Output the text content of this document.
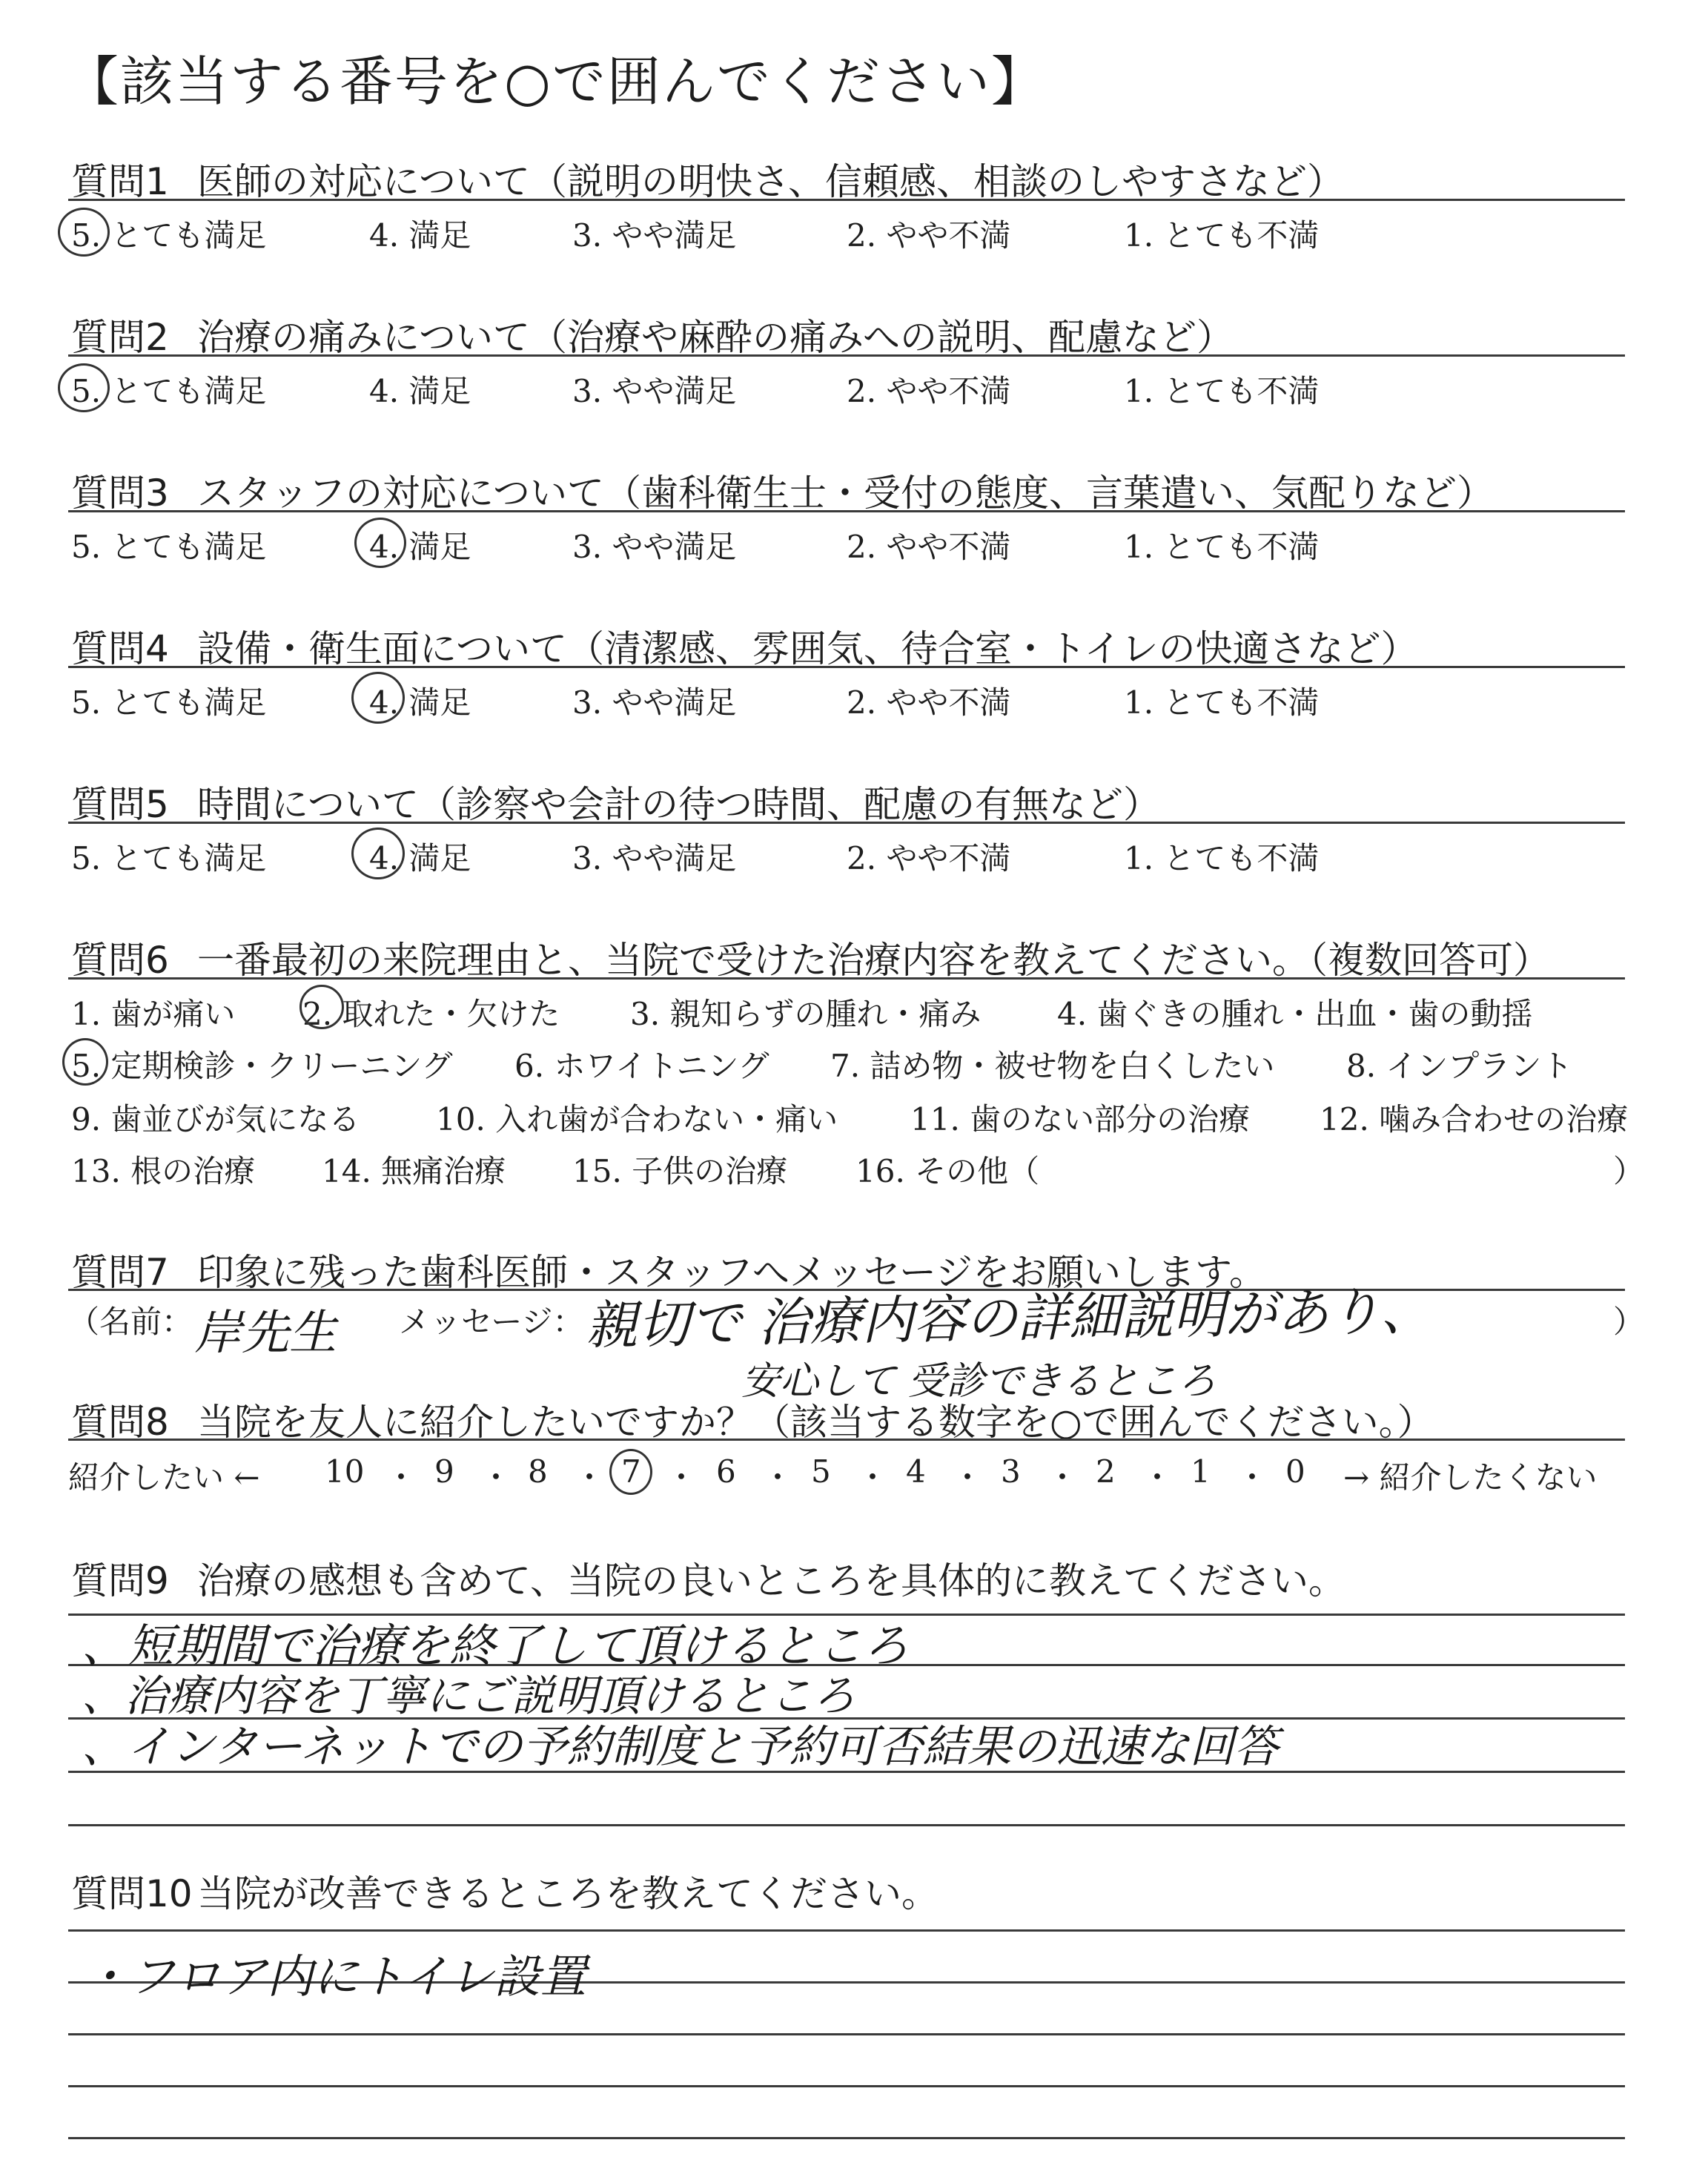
【該当する番号を○で囲んでください】
質問1 医師の対応について（説明の明快さ、信頼感、相談のしやすさなど）
5. とても満足	4. 満足	3. やや満足	2. やや不満	1. とても不満
質問2 治療の痛みについて（治療や麻酔の痛みへの説明、配慮など）
5. とても満足	4. 満足	3. やや満足	2. やや不満	1. とても不満
質問3 スタッフの対応について（歯科衛生士・受付の態度、言葉遣い、気配りなど）
5. とても満足	4. 満足	3. やや満足	2. やや不満	1. とても不満
質問4 設備・衛生面について（清潔感、雰囲気、待合室・トイレの快適さなど）
5. とても満足	4. 満足	3. やや満足	2. やや不満	1. とても不満
質問5 時間について（診察や会計の待つ時間、配慮の有無など）
5. とても満足	4. 満足	3. やや満足	2. やや不満	1. とても不満
質問6 一番最初の来院理由と、当院で受けた治療内容を教えてください。（複数回答可）
1. 歯が痛い 2. 取れた・欠けた 3. 親知らずの腫れ・痛み 4. 歯ぐきの腫れ・出血・歯の動揺
5. 定期検診・クリーニング 6. ホワイトニング 7. 詰め物・被せ物を白くしたい 8. インプラント
9. 歯並びが気になる 10. 入れ歯が合わない・痛い 11. 歯のない部分の治療 12. 噛み合わせの治療
13. 根の治療 14. 無痛治療 15. 子供の治療 16. その他（	）
質問7 印象に残った歯科医師・スタッフへメッセージをお願いします。
（名前： 岸先生 メッセージ： 親切で 治療内容の詳細説明があり、
安心して 受診できるところ
）
質問8 当院を友人に紹介したいですか？（該当する数字を○で囲んでください。）
紹介したい ← 10 ・ 9 ・ 8 ・ 7 ・ 6 ・ 5 ・ 4 ・ 3 ・ 2 ・ 1 ・ 0 → 紹介したくない
質問9 治療の感想も含めて、当院の良いところを具体的に教えてください。
、短期間で治療を終了して頂けるところ
、治療内容を丁寧にご説明頂けるところ
、インターネットでの予約制度と予約可否結果の迅速な回答
質問10 当院が改善できるところを教えてください。
・フロア内にトイレ設置
